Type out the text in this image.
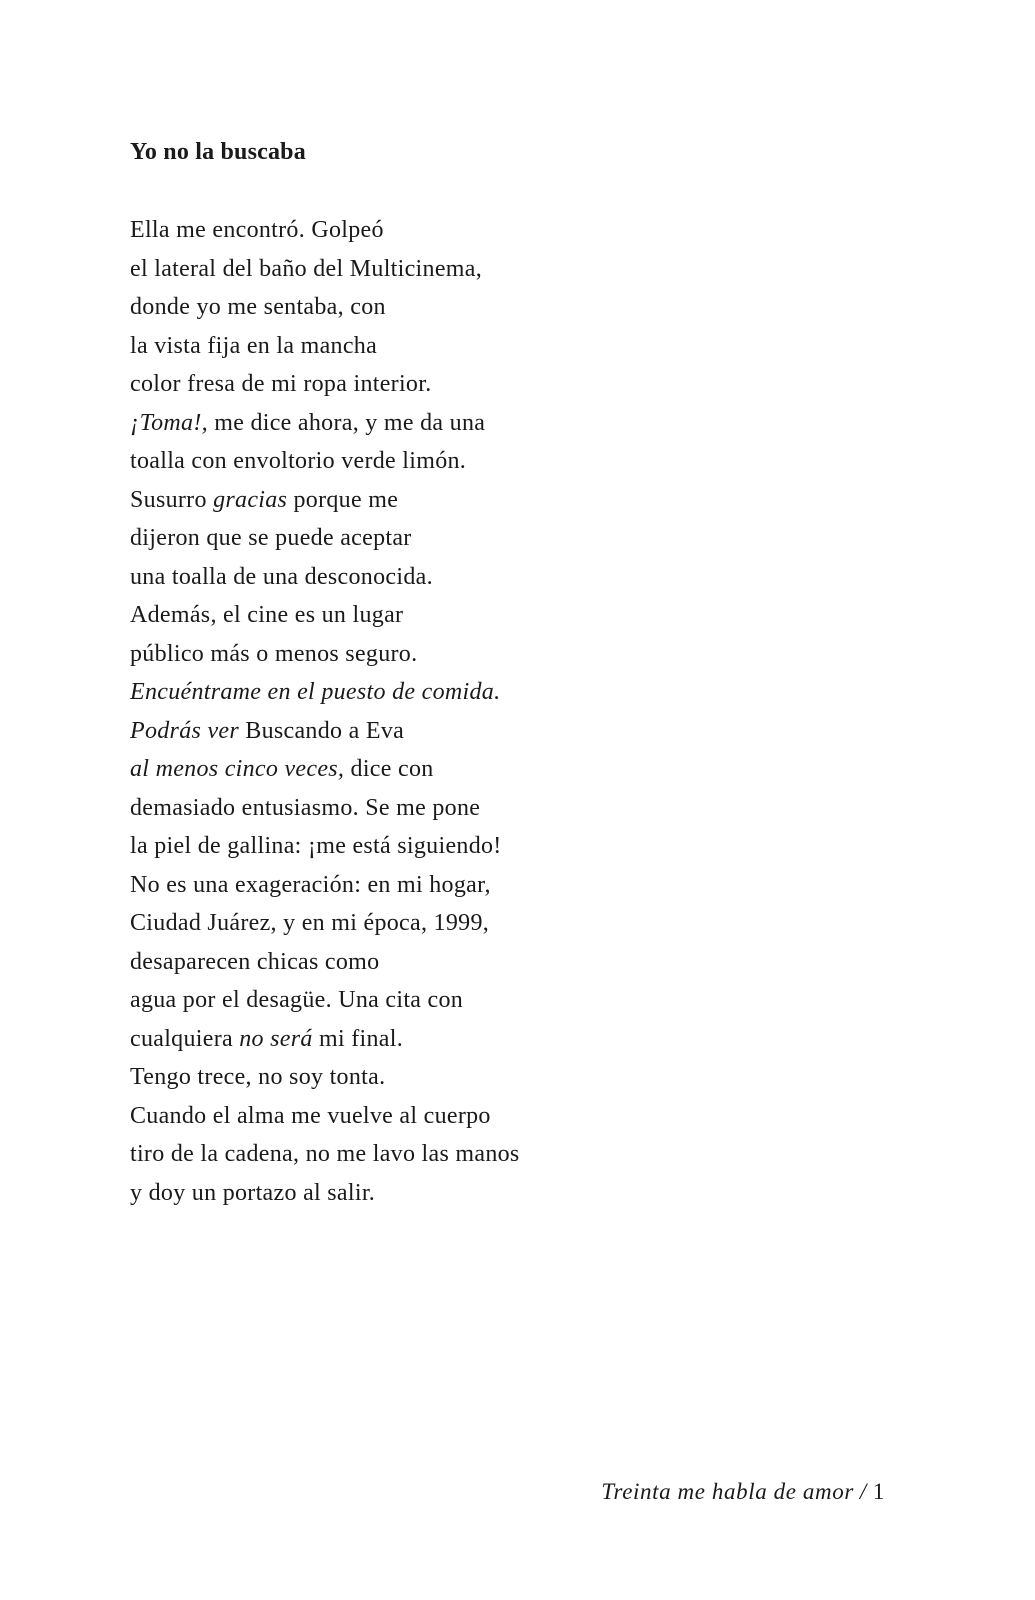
Yo no la buscaba
Ella me encontró. Golpeó
el lateral del baño del Multicinema,
donde yo me sentaba, con
la vista fija en la mancha
color fresa de mi ropa interior.
¡Toma!, me dice ahora, y me da una
toalla con envoltorio verde limón.
Susurro gracias porque me
dijeron que se puede aceptar
una toalla de una desconocida.
Además, el cine es un lugar
público más o menos seguro.
Encuéntrame en el puesto de comida.
Podrás ver Buscando a Eva
al menos cinco veces, dice con
demasiado entusiasmo. Se me pone
la piel de gallina: ¡me está siguiendo!
No es una exageración: en mi hogar,
Ciudad Juárez, y en mi época, 1999,
desaparecen chicas como
agua por el desagüe. Una cita con
cualquiera no será mi final.
Tengo trece, no soy tonta.
Cuando el alma me vuelve al cuerpo
tiro de la cadena, no me lavo las manos
y doy un portazo al salir.
Treinta me habla de amor / 1
